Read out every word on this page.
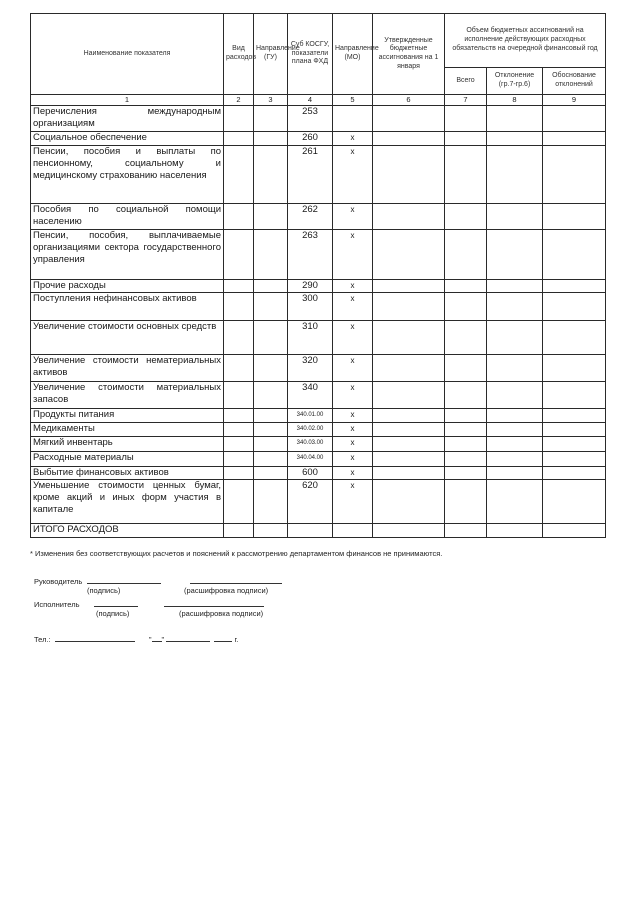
Наименование показателя	Вид расходов	Направление (ГУ)	Суб КОСГУ, показатели плана ФХД	Направление (МО)	Утвержденные бюджетные ассигнования на 1 января	Объем бюджетных ассигнований на исполнение действующих расходных обязательств на очередной финансовый год		
						Всего	Отклонение (гр.7-гр.6)	Обоснование отклонений
1	2	3	4	5	6	7	8	9
Перечисления международным организациям			253					
Социальное обеспечение			260	x				
Пенсии, пособия и выплаты по пенсионному, социальному и медицинскому страхованию населения			261	x				
Пособия по социальной помощи населению			262	x				
Пенсии, пособия, выплачиваемые организациями сектора государственного управления			263	x				
Прочие расходы			290	x				
Поступления нефинансовых активов			300	x				
Увеличение стоимости основных средств			310	x				
Увеличение стоимости нематериальных активов			320	x				
Увеличение стоимости материальных запасов			340	x				
Продукты питания			340.01.00	x				
Медикаменты			340.02.00	x				
Мягкий инвентарь			340.03.00	x				
Расходные материалы			340.04.00	x				
Выбытие финансовых активов			600	x				
Уменьшение стоимости ценных бумаг, кроме акций и иных форм участия в капитале			620	x				
ИТОГО РАСХОДОВ								
* Изменения без соответствующих расчетов и пояснений к рассмотрению департаментом финансов не принимаются.
Руководитель
(подпись)	(расшифровка подписи)
Исполнитель
(подпись)	(расшифровка подписи)
Тел.:	" "	г.
